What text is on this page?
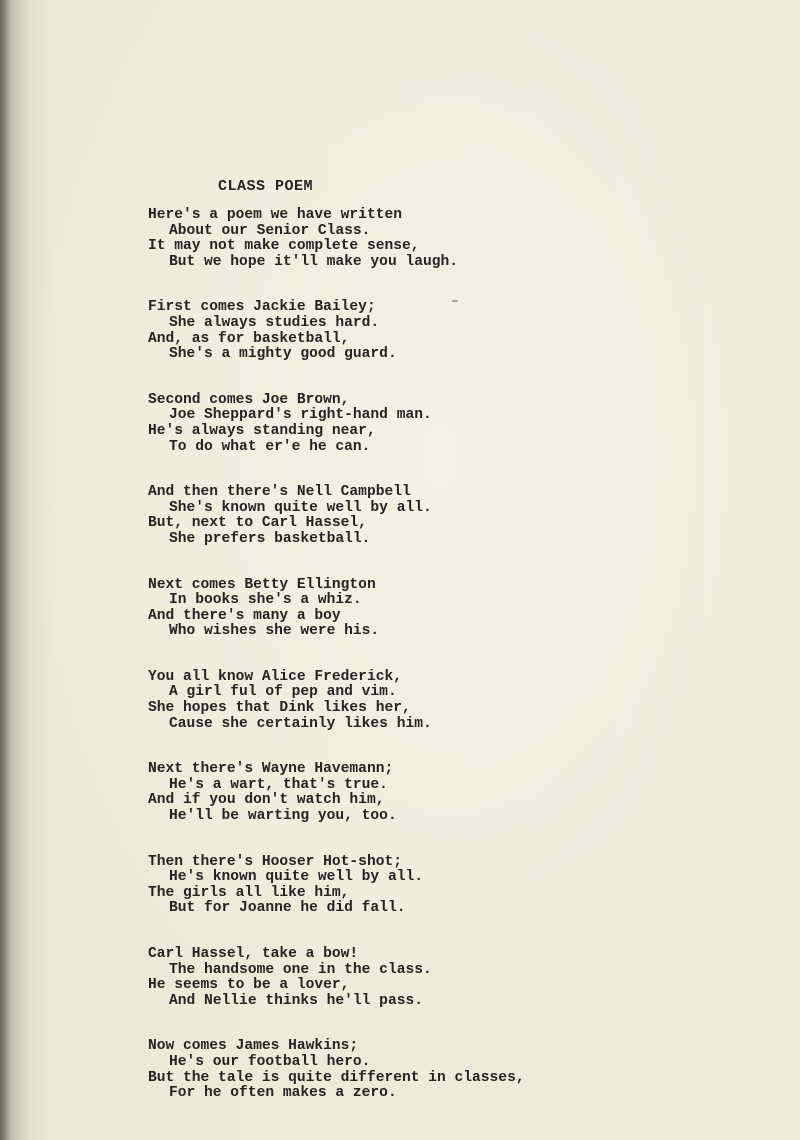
CLASS POEM
Here's a poem we have written
About our Senior Class.
It may not make complete sense,
But we hope it'll make you laugh.
First comes Jackie Bailey;
She always studies hard.
And, as for basketball,
She's a mighty good guard.
Second comes Joe Brown,
Joe Sheppard's right-hand man.
He's always standing near,
To do what er'e he can.
And then there's Nell Campbell
She's known quite well by all.
But, next to Carl Hassel,
She prefers basketball.
Next comes Betty Ellington
In books she's a whiz.
And there's many a boy
Who wishes she were his.
You all know Alice Frederick,
A girl ful of pep and vim.
She hopes that Dink likes her,
Cause she certainly likes him.
Next there's Wayne Havemann;
He's a wart, that's true.
And if you don't watch him,
He'll be warting you, too.
Then there's Hooser Hot-shot;
He's known quite well by all.
The girls all like him,
But for Joanne he did fall.
Carl Hassel, take a bow!
The handsome one in the class.
He seems to be a lover,
And Nellie thinks he'll pass.
Now comes James Hawkins;
He's our football hero.
But the tale is quite different in classes,
For he often makes a zero.
